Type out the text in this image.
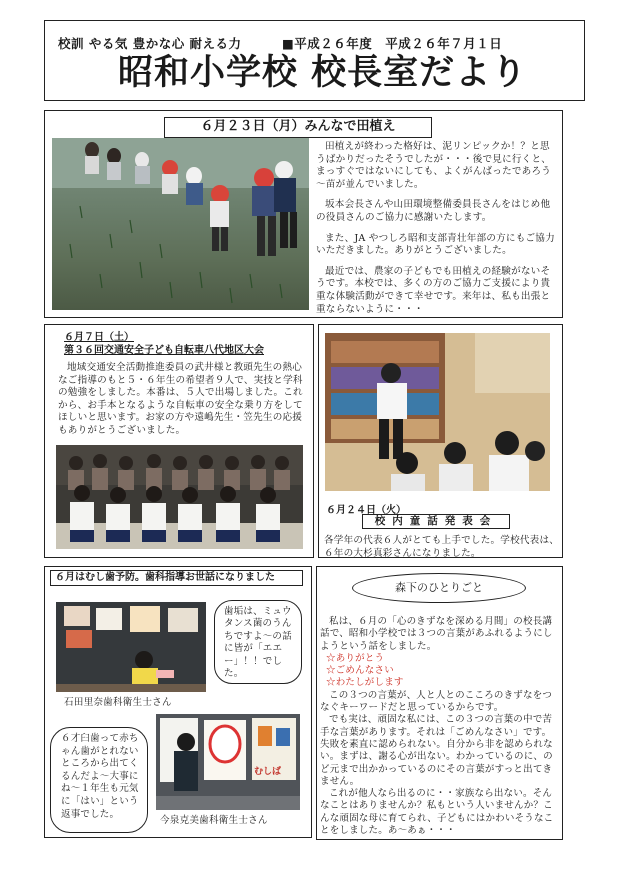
校訓 やる気 豊かな心 耐える力	■平成２６年度　平成２６年７月１日
昭和小学校 校長室だより
６月２３日（月）みんなで田植え

田植えが終わった格好は、泥リンピックか！？と思うばかりだったそうでしたが・・・後で見に行くと、まっすぐではないにしても、よくがんばったであろう～苗が並んでいました。

坂本会長さんや山田環境整備委員長さんをはじめ他の役員さんのご協力に感謝いたします。

また、JA やつしろ昭和支部青壮年部の方にもご協力いただきました。ありがとうございました。

最近では、農家の子どもでも田植えの経験がないそうです。本校では、多くの方のご協力ご支援により貴重な体験活動ができて幸せです。来年は、私も出張と重ならないように・・・

６月７日（土）
第３６回交通安全子ども自転車八代地区大会
地域交通安全活動推進委員の武井様と教頭先生の熱心なご指導のもと５・６年生の希望者９人で、実技と学科の勉強をしました。本番は、５人で出場しました。これから、お手本となるような自転車の安全な乗り方をしてほしいと思います。お家の方や遠嶋先生・笠先生の応援もありがとうございました。
６月２４日（火）
校内童話発表会
各学年の代表６人がとても上手でした。学校代表は、６年の大杉真彩さんになりました。
６月はむし歯予防。歯科指導お世話になりました
歯垢は、ミュウタンス菌のうんちですよ～の話に皆が「エエー」！！でした。
石田里奈歯科衛生士さん
６才臼歯って赤ちゃん歯がとれないところから出てくるんだよ～大事にね～１年生も元気に「はい」という返事でした。
むしば
今泉克美歯科衛生士さん
森下のひとりごと
私は、６月の「心のきずなを深める月間」の校長講話で、昭和小学校では３つの言葉があふれるようにしようという話をしました。
☆ありがとう
☆ごめんなさい
☆わたしがします
この３つの言葉が、人と人とのこころのきずなをつなぐキーワードだと思っているからです。
でも実は、頑固な私には、この３つの言葉の中で苦手な言葉があります。それは「ごめんなさい」です。
失敗を素直に認められない。自分から非を認められない。まずは、謝る心が出ない。わかっているのに、のど元まで出かかっているのにその言葉がすっと出てきません。
これが他人なら出るのに・・家族なら出ない。そんなことはありませんか？私もという人いませんか？こんな頑固な母に育てられ、子どもにはかわいそうなことをしました。あ～あぁ・・・
